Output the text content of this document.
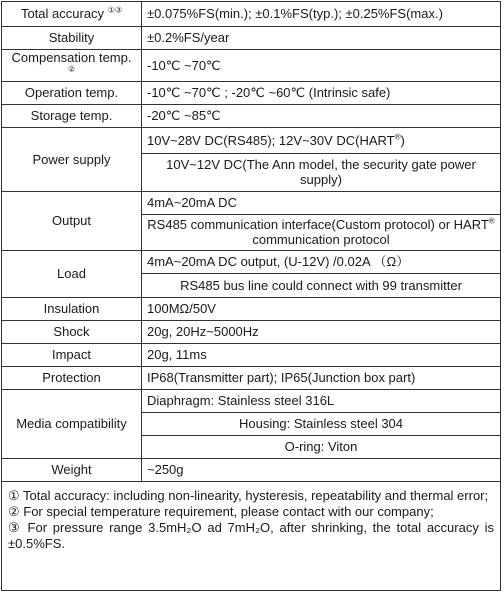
Total accuracy ①③	±0.075%FS(min.); ±0.1%FS(typ.); ±0.25%FS(max.)
Stability	±0.2%FS/year
Compensation temp. ②	-10℃ ~70℃
Operation temp.	-10℃ ~70℃ ; -20℃ ~60℃ (Intrinsic safe)
Storage temp.	-20℃ ~85℃
Power supply	10V~28V DC(RS485); 12V~30V DC(HART®)
	10V~12V DC(The Ann model, the security gate power supply)
Output	4mA~20mA DC
	RS485 communication interface(Custom protocol) or HART® communication protocol
Load	4mA~20mA DC output, (U-12V) /0.02A （Ω）
	RS485 bus line could connect with 99 transmitter
Insulation	100MΩ/50V
Shock	20g, 20Hz~5000Hz
Impact	20g, 11ms
Protection	IP68(Transmitter part); IP65(Junction box part)
Media compatibility	Diaphragm: Stainless steel 316L
	Housing: Stainless steel 304
	O-ring: Viton
Weight	~250g

① Total accuracy: including non-linearity, hysteresis, repeatability and thermal error;

② For special temperature requirement, please contact with our company;

③ For pressure range 3.5mH₂O ad 7mH₂O, after shrinking, the total accuracy is ±0.5%FS.
